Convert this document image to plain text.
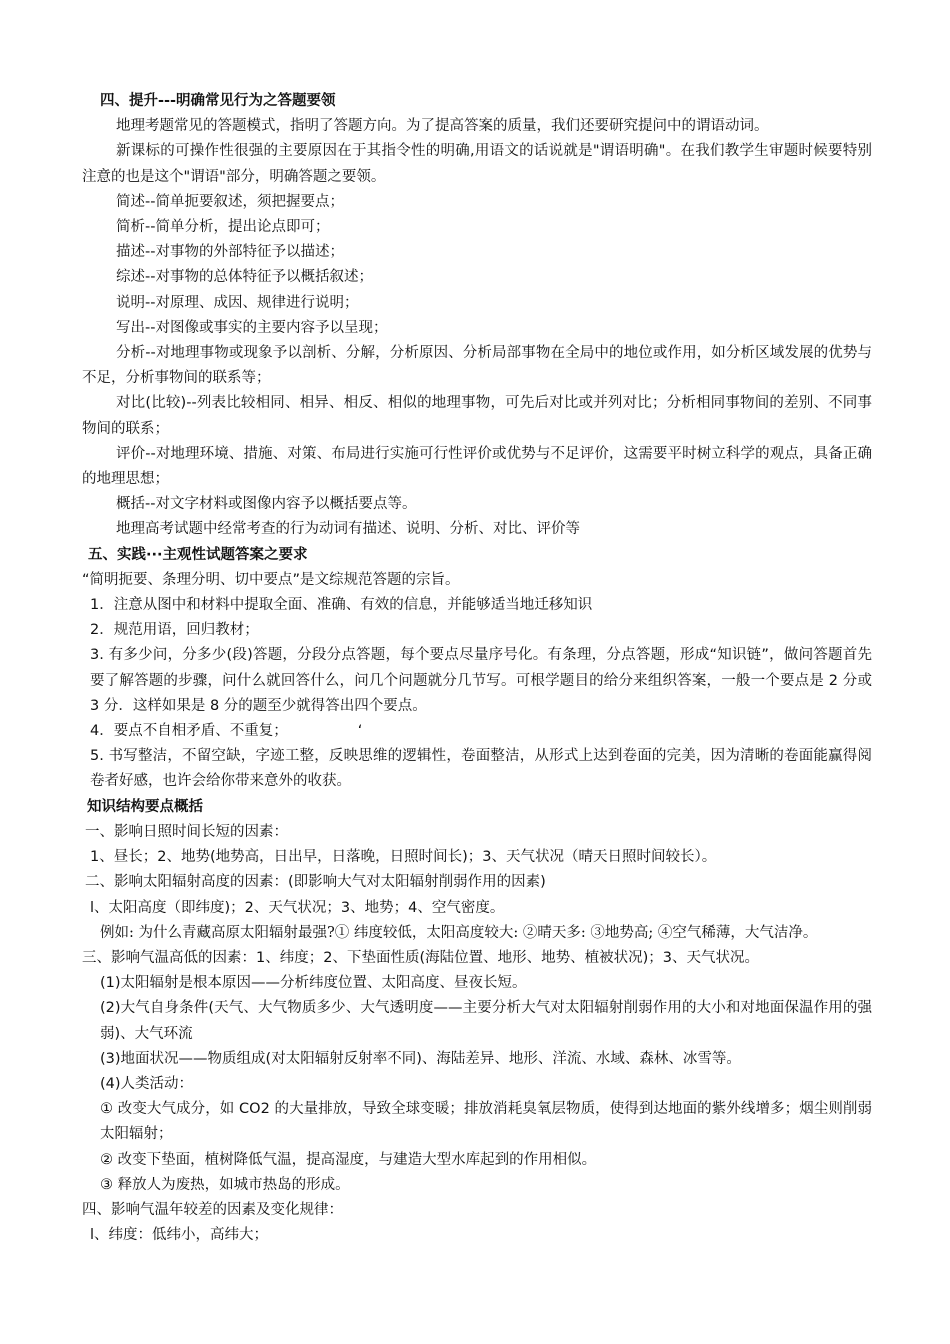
四、提升---明确常见行为之答题要领

地理考题常见的答题模式，指明了答题方向。为了提高答案的质量，我们还要研究提问中的谓语动词。

新课标的可操作性很强的主要原因在于其指令性的明确,用语文的话说就是"谓语明确"。在我们教学生审题时候要特别注意的也是这个"谓语"部分，明确答题之要领。

简述--简单扼要叙述，须把握要点；

简析--简单分析，提出论点即可；

描述--对事物的外部特征予以描述；

综述--对事物的总体特征予以概括叙述；

说明--对原理、成因、规律进行说明；

写出--对图像或事实的主要内容予以呈现；

分析--对地理事物或现象予以剖析、分解，分析原因、分析局部事物在全局中的地位或作用，如分析区域发展的优势与不足，分析事物间的联系等；

对比(比较)--列表比较相同、相异、相反、相似的地理事物，可先后对比或并列对比；分析相同事物间的差别、不同事物间的联系；

评价--对地理环境、措施、对策、布局进行实施可行性评价或优势与不足评价，这需要平时树立科学的观点，具备正确的地理思想；

概括--对文字材料或图像内容予以概括要点等。

地理高考试题中经常考查的行为动词有描述、说明、分析、对比、评价等

五、实践···主观性试题答案之要求

“简明扼要、条理分明、切中要点”是文综规范答题的宗旨。

1．注意从图中和材料中提取全面、准确、有效的信息，并能够适当地迁移知识

2．规范用语，回归教材；

3. 有多少问，分多少(段)答题，分段分点答题，每个要点尽量序号化。有条理，分点答题，形成“知识链”，做问答题首先要了解答题的步骤，问什么就回答什么，问几个问题就分几节写。可根学题目的给分来组织答案，一般一个要点是 2 分或 3 分．这样如果是 8 分的题至少就得答出四个要点。

4．要点不自相矛盾、不重复；	‘

5. 书写整洁，不留空缺，字迹工整，反映思维的逻辑性，卷面整洁，从形式上达到卷面的完美，因为清晰的卷面能赢得阅卷者好感，也许会给你带来意外的收获。

知识结构要点概括

一、影响日照时间长短的因素：

1、昼长；2、地势(地势高，日出早，日落晚，日照时间长)；3、天气状况（晴天日照时间较长）。

二、影响太阳辐射高度的因素：(即影响大气对太阳辐射削弱作用的因素)

l、太阳高度（即纬度)；2、天气状况；3、地势；4、空气密度。

例如: 为什么青藏高原太阳辐射最强?① 纬度较低，太阳高度较大: ②晴天多: ③地势高; ④空气稀薄，大气洁净。

三、影响气温高低的因素：1、纬度；2、下垫面性质(海陆位置、地形、地势、植被状况)；3、天气状况。

(1)太阳辐射是根本原因——分析纬度位置、太阳高度、昼夜长短。

(2)大气自身条件(天气、大气物质多少、大气透明度——主要分析大气对太阳辐射削弱作用的大小和对地面保温作用的强弱)、大气环流

(3)地面状况——物质组成(对太阳辐射反射率不同)、海陆差异、地形、洋流、水域、森林、冰雪等。

(4)人类活动：

① 改变大气成分，如 CO2 的大量排放，导致全球变暖；排放消耗臭氧层物质，使得到达地面的紫外线增多；烟尘则削弱太阳辐射；

② 改变下垫面，植树降低气温，提高湿度，与建造大型水库起到的作用相似。

③ 释放人为废热，如城市热岛的形成。

四、影响气温年较差的因素及变化规律：

l、纬度：低纬小，高纬大；
